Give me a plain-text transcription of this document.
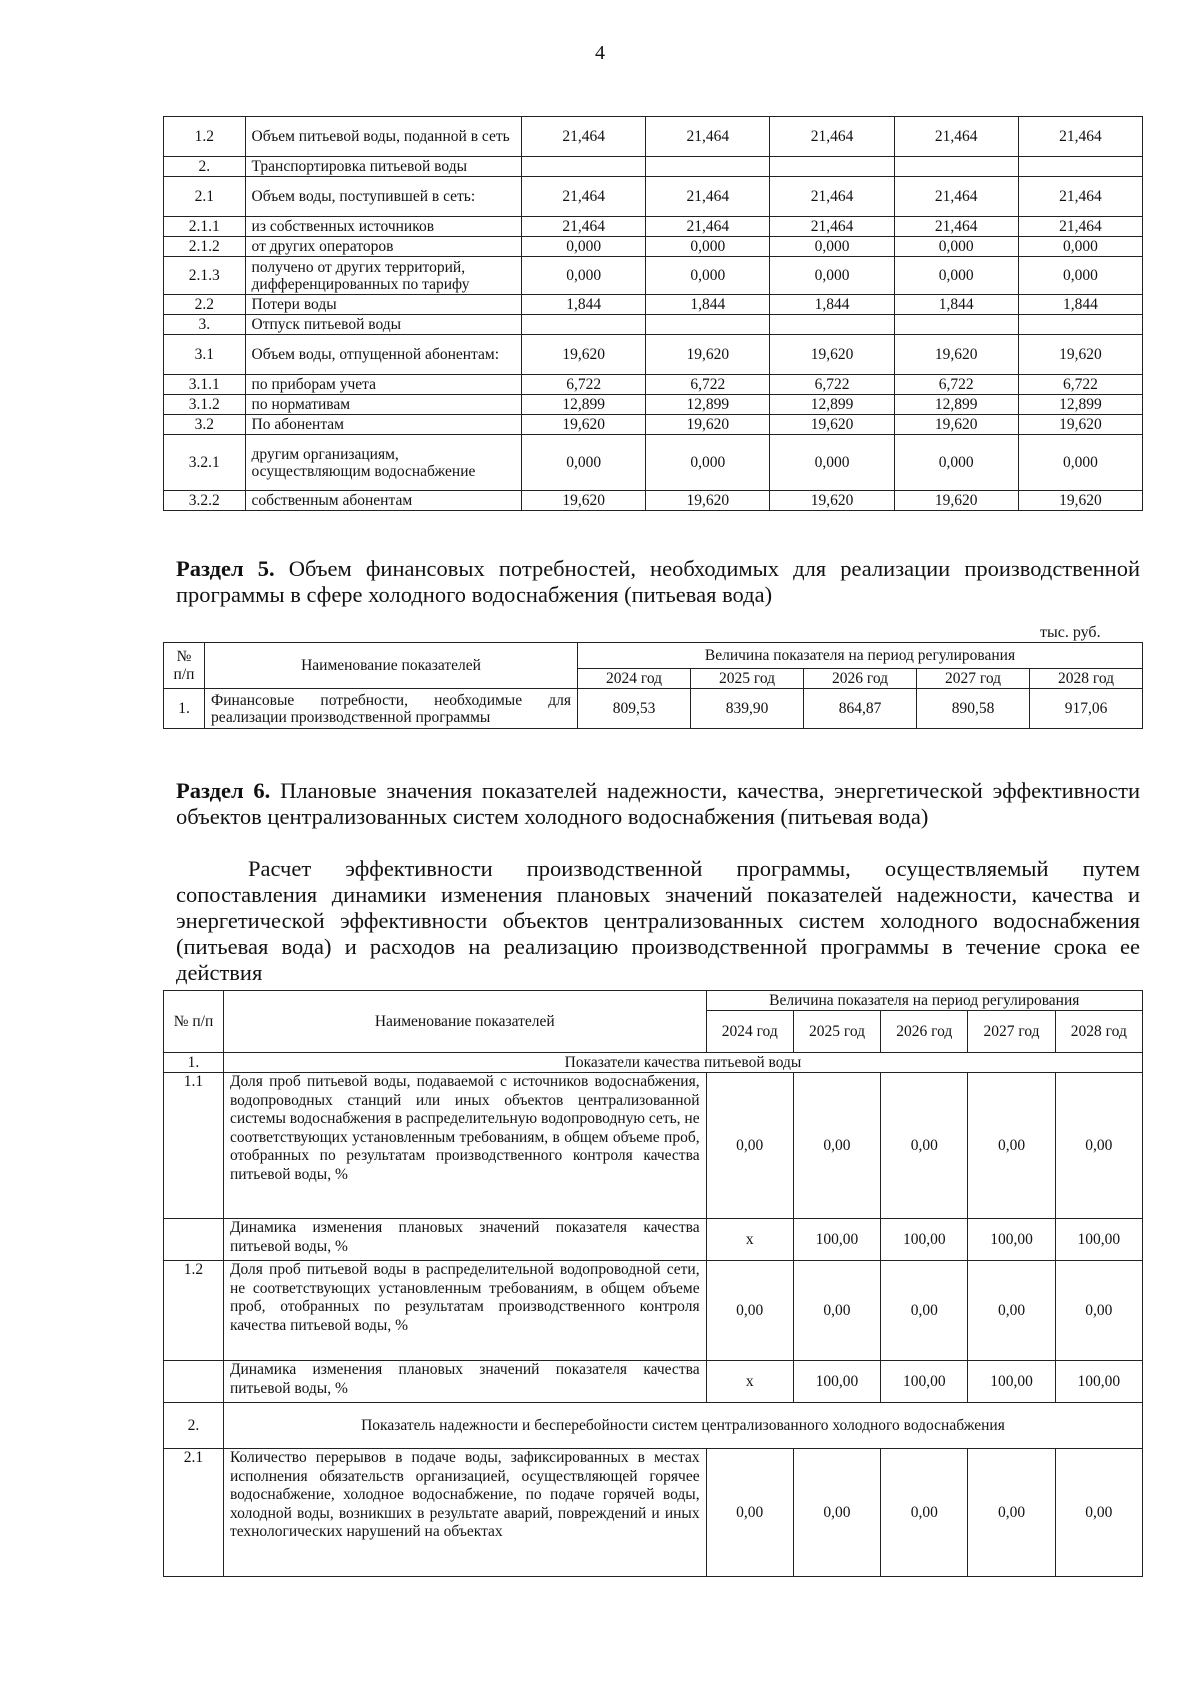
4
1.2	Объем питьевой воды, поданной в сеть	21,464	21,464	21,464	21,464	21,464
2.	Транспортировка питьевой воды					
2.1	Объем воды, поступившей в сеть:	21,464	21,464	21,464	21,464	21,464
2.1.1	из собственных источников	21,464	21,464	21,464	21,464	21,464
2.1.2	от других операторов	0,000	0,000	0,000	0,000	0,000
2.1.3	получено от других территорий, дифференцированных по тарифу	0,000	0,000	0,000	0,000	0,000
2.2	Потери воды	1,844	1,844	1,844	1,844	1,844
3.	Отпуск питьевой воды					
3.1	Объем воды, отпущенной абонентам:	19,620	19,620	19,620	19,620	19,620
3.1.1	по приборам учета	6,722	6,722	6,722	6,722	6,722
3.1.2	по нормативам	12,899	12,899	12,899	12,899	12,899
3.2	По абонентам	19,620	19,620	19,620	19,620	19,620
3.2.1	другим организациям, осуществляющим водоснабжение	0,000	0,000	0,000	0,000	0,000
3.2.2	собственным абонентам	19,620	19,620	19,620	19,620	19,620
Раздел 5. Объем финансовых потребностей, необходимых для реализации производственной программы в сфере холодного водоснабжения (питьевая вода)
тыс. руб.
№ п/п	Наименование показателей	Величина показателя на период регулирования				
		2024 год	2025 год	2026 год	2027 год	2028 год
1.	Финансовые потребности, необходимые для реализации производственной программы	809,53	839,90	864,87	890,58	917,06
Раздел 6. Плановые значения показателей надежности, качества, энергетической эффективности объектов централизованных систем холодного водоснабжения (питьевая вода)
Расчет эффективности производственной программы, осуществляемый путем сопоставления динамики изменения плановых значений показателей надежности, качества и энергетической эффективности объектов централизованных систем холодного водоснабжения (питьевая вода) и расходов на реализацию производственной программы в течение срока ее действия
№ п/п	Наименование показателей	Величина показателя на период регулирования				
		2024 год	2025 год	2026 год	2027 год	2028 год
1.	Показатели качества питьевой воды					
1.1	Доля проб питьевой воды, подаваемой с источников водоснабжения, водопроводных станций или иных объектов централизованной системы водоснабжения в распределительную водопроводную сеть, не соответствующих установленным требованиям, в общем объеме проб, отобранных по результатам производственного контроля качества питьевой воды, %	0,00	0,00	0,00	0,00	0,00
	Динамика изменения плановых значений показателя качества питьевой воды, %	х	100,00	100,00	100,00	100,00
1.2	Доля проб питьевой воды в распределительной водопроводной сети, не соответствующих установленным требованиям, в общем объеме проб, отобранных по результатам производственного контроля качества питьевой воды, %	0,00	0,00	0,00	0,00	0,00
	Динамика изменения плановых значений показателя качества питьевой воды, %	х	100,00	100,00	100,00	100,00
2.	Показатель надежности и бесперебойности систем централизованного холодного водоснабжения					
2.1	Количество перерывов в подаче воды, зафиксированных в местах исполнения обязательств организацией, осуществляющей горячее водоснабжение, холодное водоснабжение, по подаче горячей воды, холодной воды, возникших в результате аварий, повреждений и иных технологических нарушений на объектах	0,00	0,00	0,00	0,00	0,00
